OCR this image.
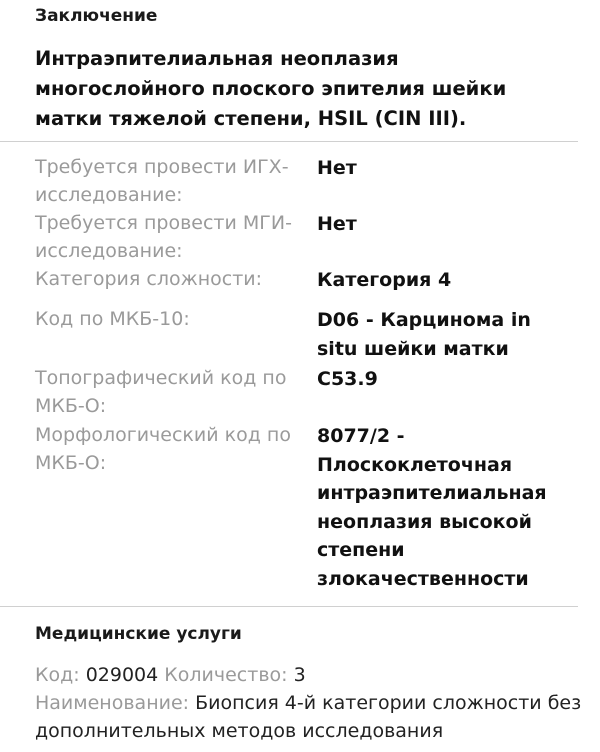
Заключение
Интраэпителиальная неоплазия многослойного плоского эпителия шейки матки тяжелой степени, HSIL (CIN III).
Требуется провести ИГХ-исследование:
Нет
Требуется провести МГИ-исследование:
Нет
Категория сложности:	Категория 4
Код по МКБ-10:	D06 - Карцинома in situ шейки матки
Топографический код по МКБ-О:
C53.9
Морфологический код по МКБ-О:
8077/2 - Плоскоклеточная интраэпителиальная неоплазия высокой степени злокачественности
Медицинские услуги
Код: 029004 Количество: 3
Наименование: Биопсия 4-й категории сложности без дополнительных методов исследования
